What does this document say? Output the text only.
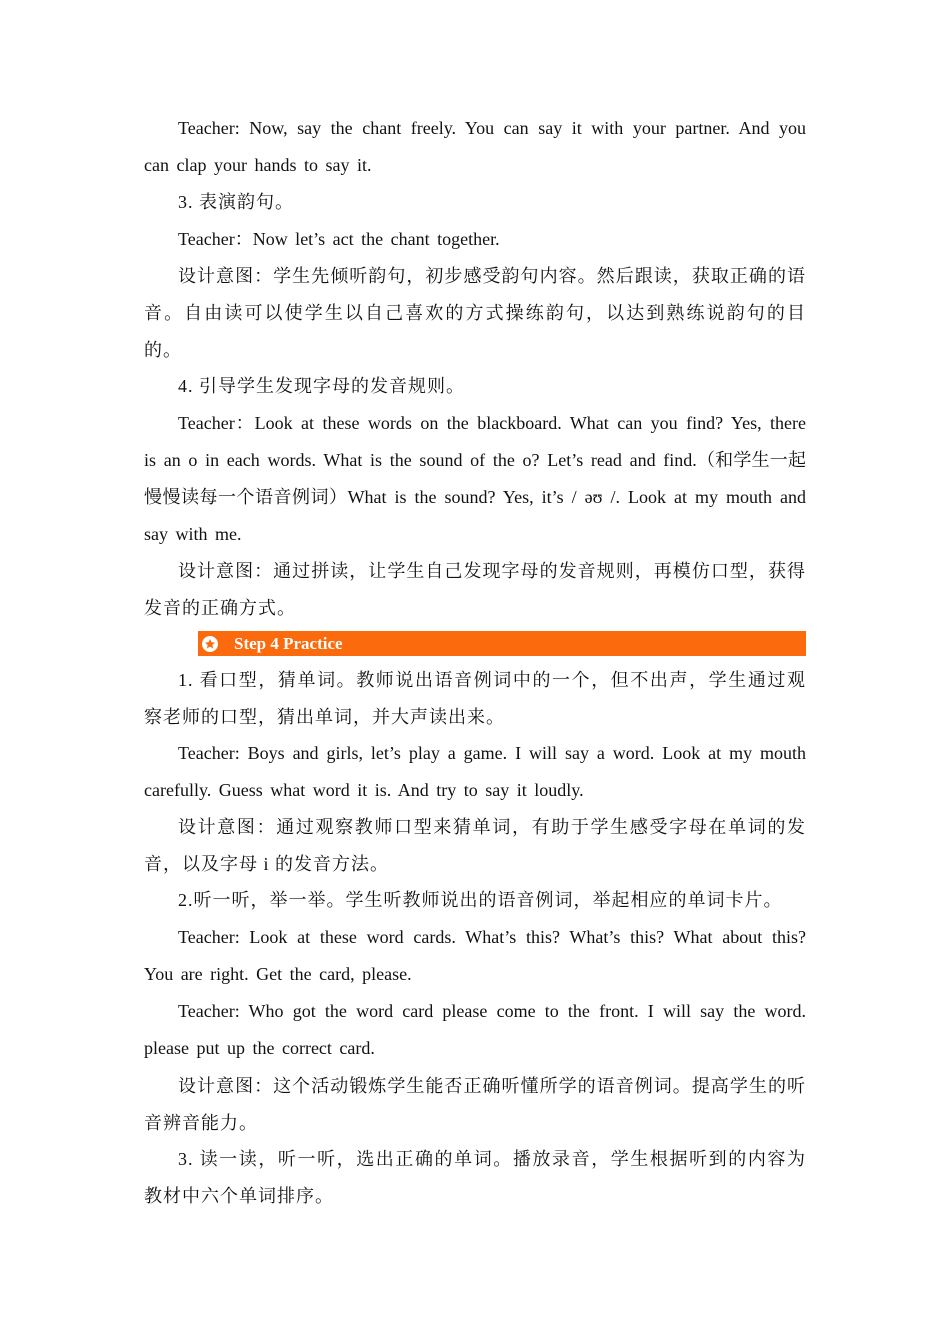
Teacher: Now, say the chant freely. You can say it with your partner. And you can clap your hands to say it.

3. 表演韵句。

Teacher：Now let’s act the chant together.

设计意图：学生先倾听韵句，初步感受韵句内容。然后跟读，获取正确的语音。自由读可以使学生以自己喜欢的方式操练韵句，以达到熟练说韵句的目的。

4. 引导学生发现字母的发音规则。

Teacher：Look at these words on the blackboard. What can you find? Yes, there is an o in each words. What is the sound of the o? Let’s read and find.（和学生一起慢慢读每一个语音例词）What is the sound? Yes, it’s / əʊ /. Look at my mouth and say with me.

设计意图：通过拼读，让学生自己发现字母的发音规则，再模仿口型，获得发音的正确方式。

Step 4 Practice

1. 看口型，猜单词。教师说出语音例词中的一个，但不出声，学生通过观察老师的口型，猜出单词，并大声读出来。

Teacher: Boys and girls, let’s play a game. I will say a word. Look at my mouth carefully. Guess what word it is. And try to say it loudly.

设计意图：通过观察教师口型来猜单词，有助于学生感受字母在单词的发音，以及字母 i 的发音方法。

2.听一听，举一举。学生听教师说出的语音例词，举起相应的单词卡片。

Teacher: Look at these word cards. What’s this? What’s this? What about this? You are right. Get the card, please.

Teacher: Who got the word card please come to the front. I will say the word. please put up the correct card.

设计意图：这个活动锻炼学生能否正确听懂所学的语音例词。提高学生的听音辨音能力。

3. 读一读，听一听，选出正确的单词。播放录音，学生根据听到的内容为教材中六个单词排序。
